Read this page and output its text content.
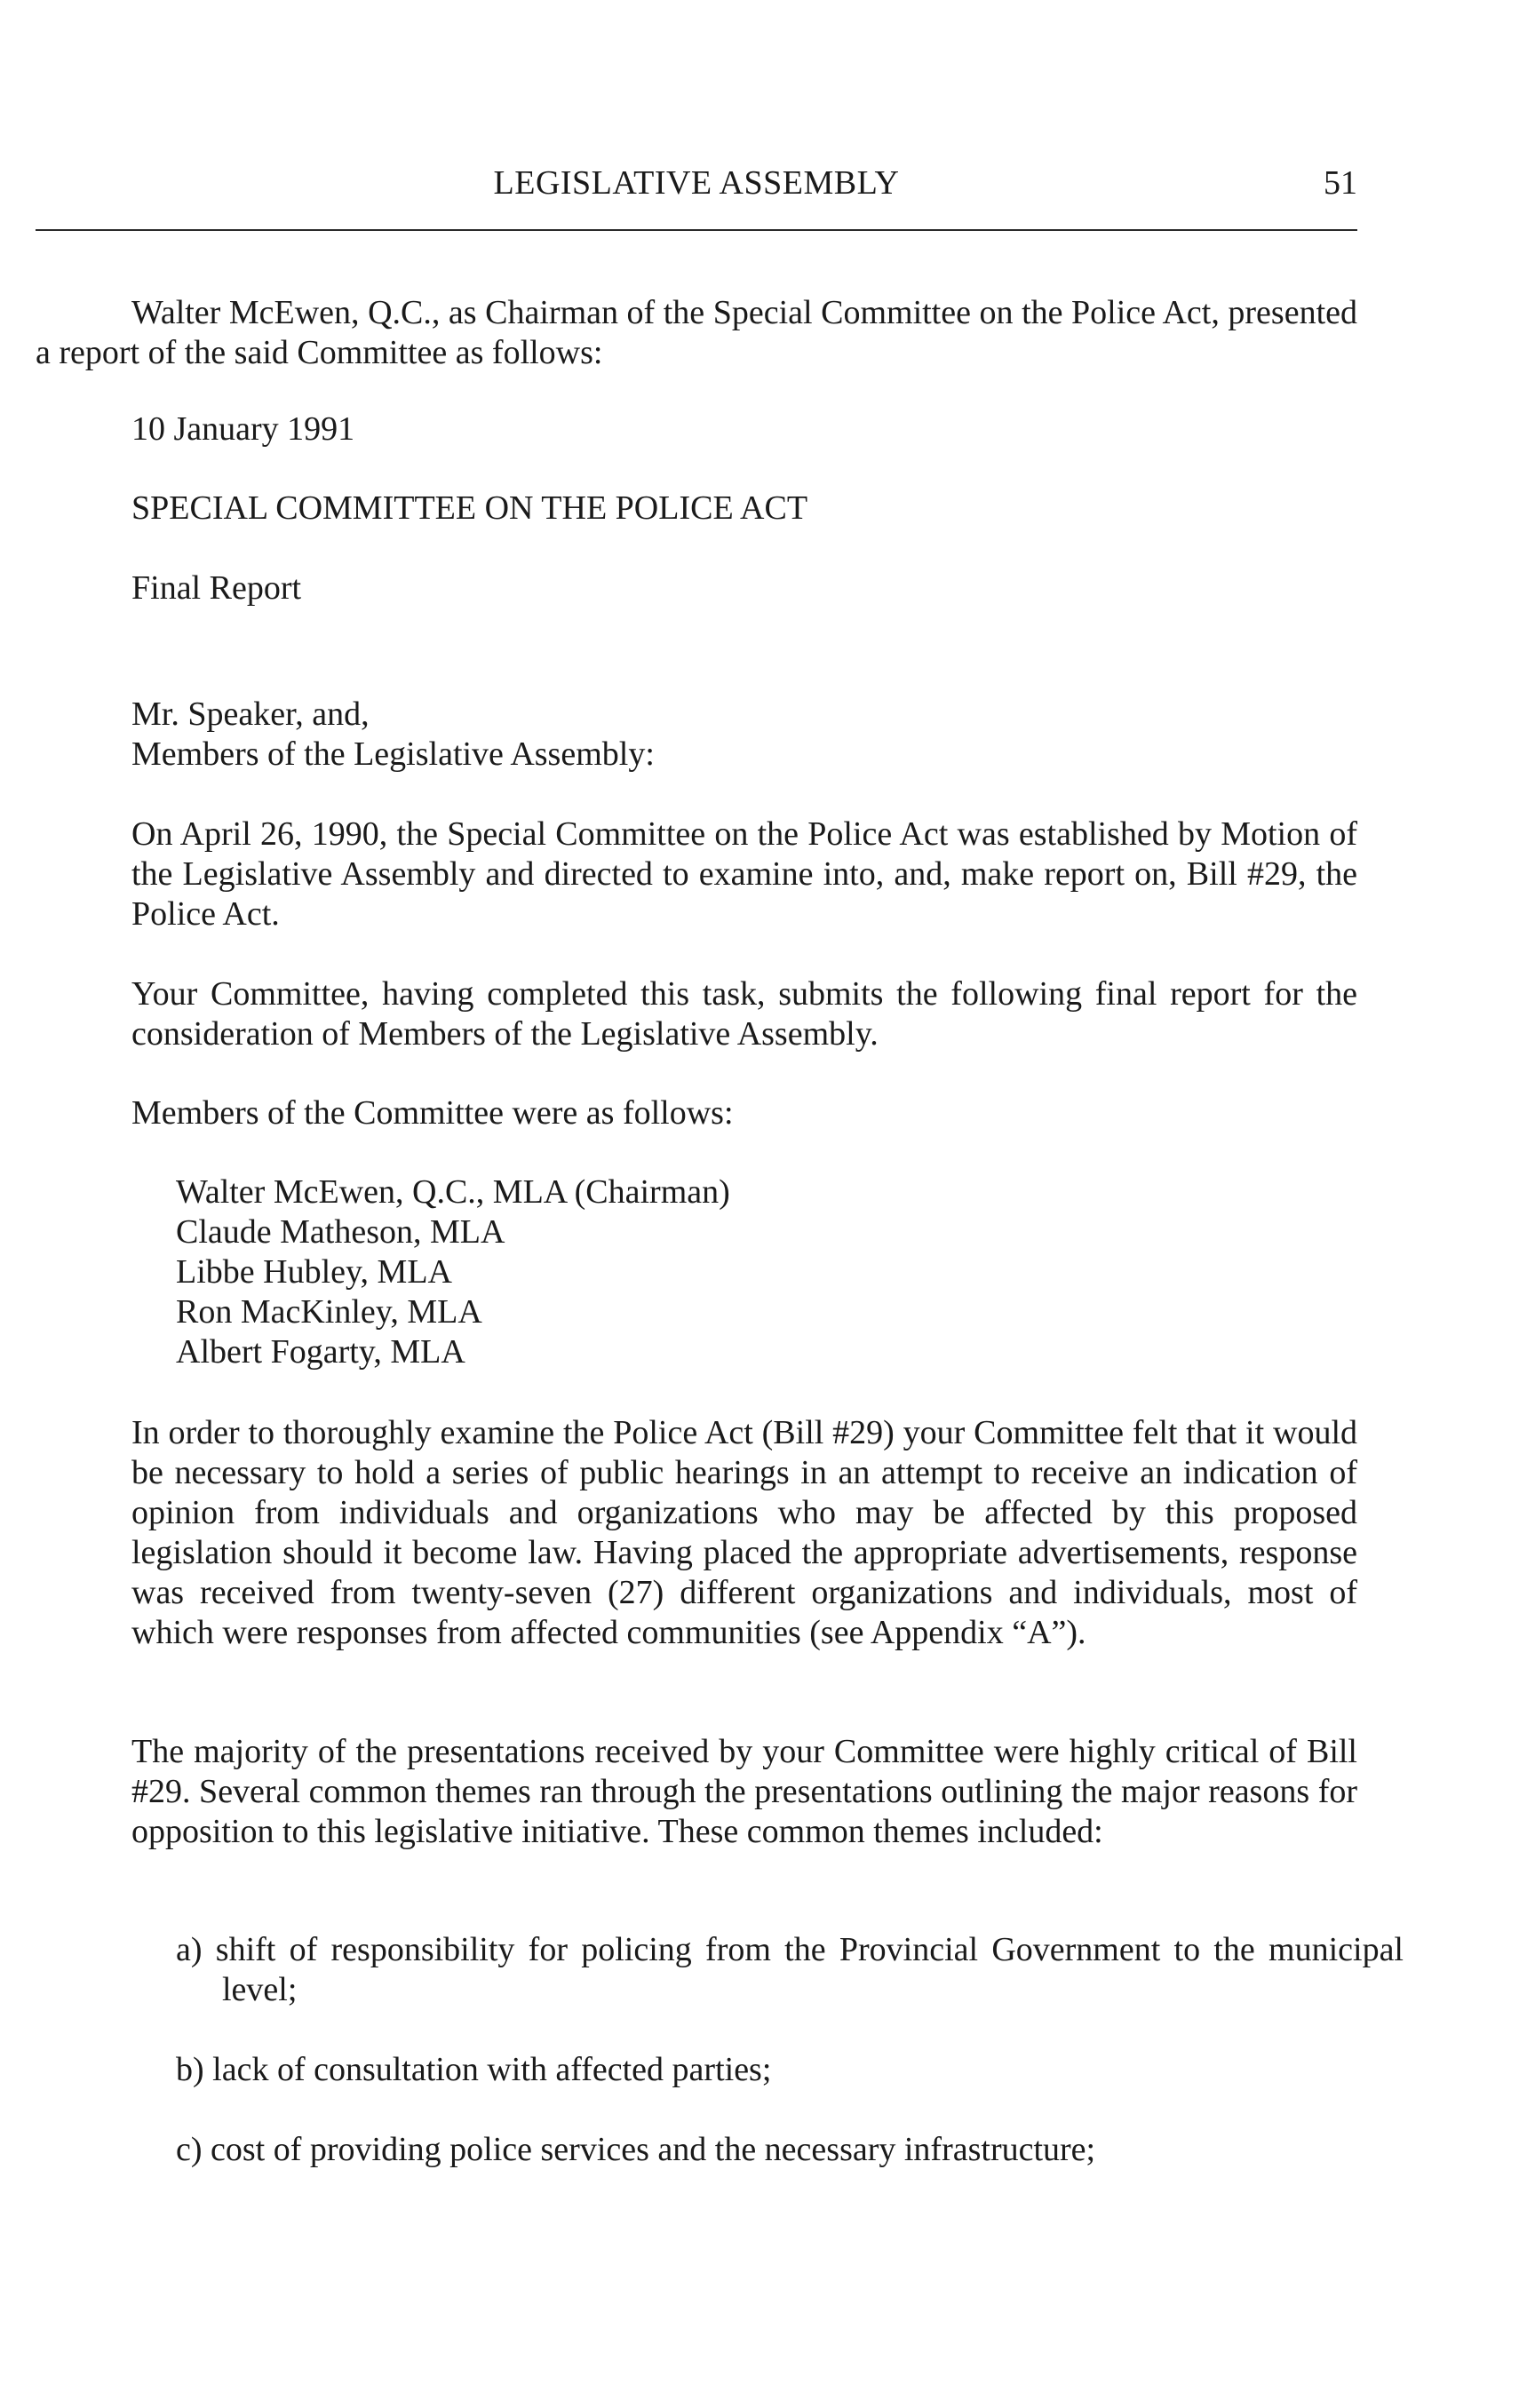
LEGISLATIVE ASSEMBLY	51

Walter McEwen, Q.C., as Chairman of the Special Committee on the Police Act, presented a report of the said Committee as follows:

10 January 1991

SPECIAL COMMITTEE ON THE POLICE ACT

Final Report

Mr. Speaker, and,

Members of the Legislative Assembly:

On April 26, 1990, the Special Committee on the Police Act was established by Motion of the Legislative Assembly and directed to examine into, and, make report on, Bill #29, the Police Act.

Your Committee, having completed this task, submits the following final report for the consideration of Members of the Legislative Assembly.

Members of the Committee were as follows:

Walter McEwen, Q.C., MLA (Chairman)
Claude Matheson, MLA
Libbe Hubley, MLA
Ron MacKinley, MLA
Albert Fogarty, MLA

In order to thoroughly examine the Police Act (Bill #29) your Committee felt that it would be necessary to hold a series of public hearings in an attempt to receive an indication of opinion from individuals and organizations who may be affected by this proposed legislation should it become law. Having placed the appropriate advertisements, response was received from twenty-seven (27) different organizations and individuals, most of which were responses from affected communities (see Appendix “A”).

The majority of the presentations received by your Committee were highly critical of Bill #29. Several common themes ran through the presentations outlining the major reasons for opposition to this legislative initiative. These common themes included:

a) shift of responsibility for policing from the Provincial Government to the municipal level;

b) lack of consultation with affected parties;

c) cost of providing police services and the necessary infrastructure;
